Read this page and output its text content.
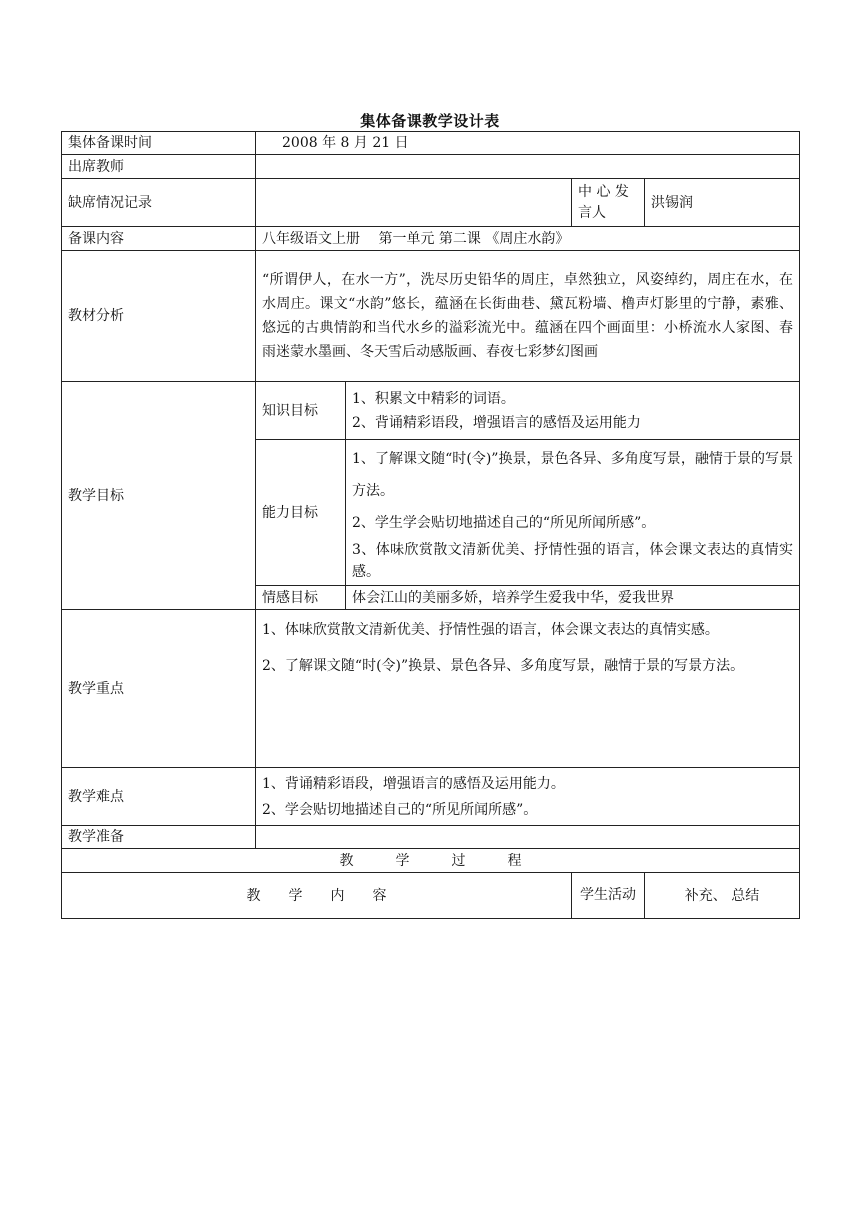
集体备课教学设计表
集体备课时间	2008 年 8 月 21 日			
出席教师				
缺席情况记录			中 心 发 言人	洪锡润
备课内容	八年级语文上册　 第一单元 第二课 《周庄水韵》			
教材分析	“所谓伊人，在水一方”，洗尽历史铅华的周庄，卓然独立，风姿绰约，周庄在水，在水周庄。课文“水韵”悠长，蕴涵在长街曲巷、黛瓦粉墙、橹声灯影里的宁静，素雅、悠远的古典情韵和当代水乡的溢彩流光中。蕴涵在四个画面里：小桥流水人家图、春雨迷蒙水墨画、冬天雪后动感版画、春夜七彩梦幻图画			
教学目标	知识目标	1、积累文中精彩的词语。

2、背诵精彩语段，增强语言的感悟及运用能力		

	能力目标	1、了解课文随“时(令)”换景，景色各异、多角度写景，融情于景的写景方法。

2、学生学会贴切地描述自己的“所见所闻所感”。

3、体味欣赏散文清新优美、抒情性强的语言，体会课文表达的真情实感。		

	情感目标	体会江山的美丽多娇，培养学生爱我中华，爱我世界		
教学重点	1、体味欣赏散文清新优美、抒情性强的语言，体会课文表达的真情实感。

2、了解课文随“时(令)”换景、景色各异、多角度写景，融情于景的写景方法。			

教学难点	1、背诵精彩语段，增强语言的感悟及运用能力。

2、学会贴切地描述自己的“所见所闻所感”。			

教学准备				
教　　　学　　　过　　　程				
教　　学　　内　　容			学生活动	补充、 总结
